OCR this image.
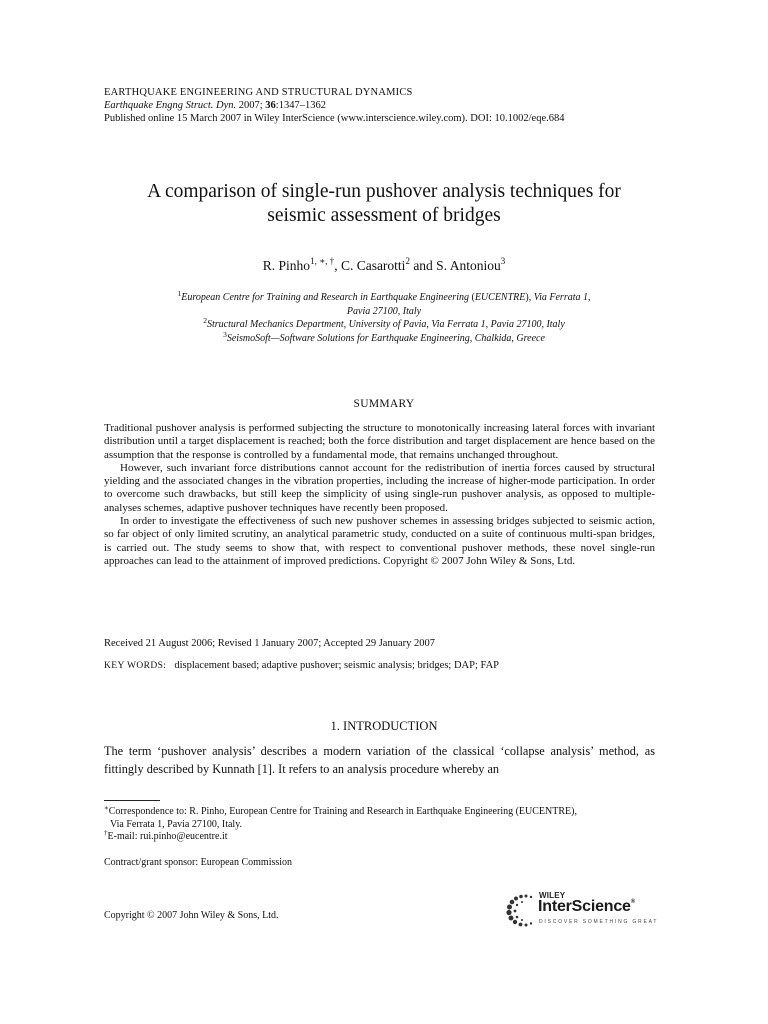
EARTHQUAKE ENGINEERING AND STRUCTURAL DYNAMICS
Earthquake Engng Struct. Dyn. 2007; 36:1347–1362
Published online 15 March 2007 in Wiley InterScience (www.interscience.wiley.com). DOI: 10.1002/eqe.684
A comparison of single-run pushover analysis techniques for
seismic assessment of bridges
R. Pinho$^{1, ∗, \dagger}$, C. Casarotti$^2$ and S. Antoniou$^3$
$^1$European Centre for Training and Research in Earthquake Engineering (EUCENTRE), Via Ferrata 1,
Pavia 27100, Italy
$^2$Structural Mechanics Department, University of Pavia, Via Ferrata 1, Pavia 27100, Italy
$^3$SeismoSoft—Software Solutions for Earthquake Engineering, Chalkida, Greece
SUMMARY

Traditional pushover analysis is performed subjecting the structure to monotonically increasing lateral forces with invariant distribution until a target displacement is reached; both the force distribution and target displacement are hence based on the assumption that the response is controlled by a fundamental mode, that remains unchanged throughout.

However, such invariant force distributions cannot account for the redistribution of inertia forces caused by structural yielding and the associated changes in the vibration properties, including the increase of higher-mode participation. In order to overcome such drawbacks, but still keep the simplicity of using single-run pushover analysis, as opposed to multiple-analyses schemes, adaptive pushover techniques have recently been proposed.

In order to investigate the effectiveness of such new pushover schemes in assessing bridges subjected to seismic action, so far object of only limited scrutiny, an analytical parametric study, conducted on a suite of continuous multi-span bridges, is carried out. The study seems to show that, with respect to conventional pushover methods, these novel single-run approaches can lead to the attainment of improved predictions. Copyright © 2007 John Wiley & Sons, Ltd.

Received 21 August 2006; Revised 1 January 2007; Accepted 29 January 2007
KEY WORDS: displacement based; adaptive pushover; seismic analysis; bridges; DAP; FAP
1. INTRODUCTION

The term ‘pushover analysis’ describes a modern variation of the classical ‘collapse analysis’ method, as fittingly described by Kunnath [1]. It refers to an analysis procedure whereby an

∗Correspondence to: R. Pinho, European Centre for Training and Research in Earthquake Engineering (EUCENTRE),

Via Ferrata 1, Pavia 27100, Italy.

†E-mail: rui.pinho@eucentre.it

Contract/grant sponsor: European Commission
Copyright © 2007 John Wiley & Sons, Ltd.
WILEY
InterScience®
DISCOVER SOMETHING GREAT
